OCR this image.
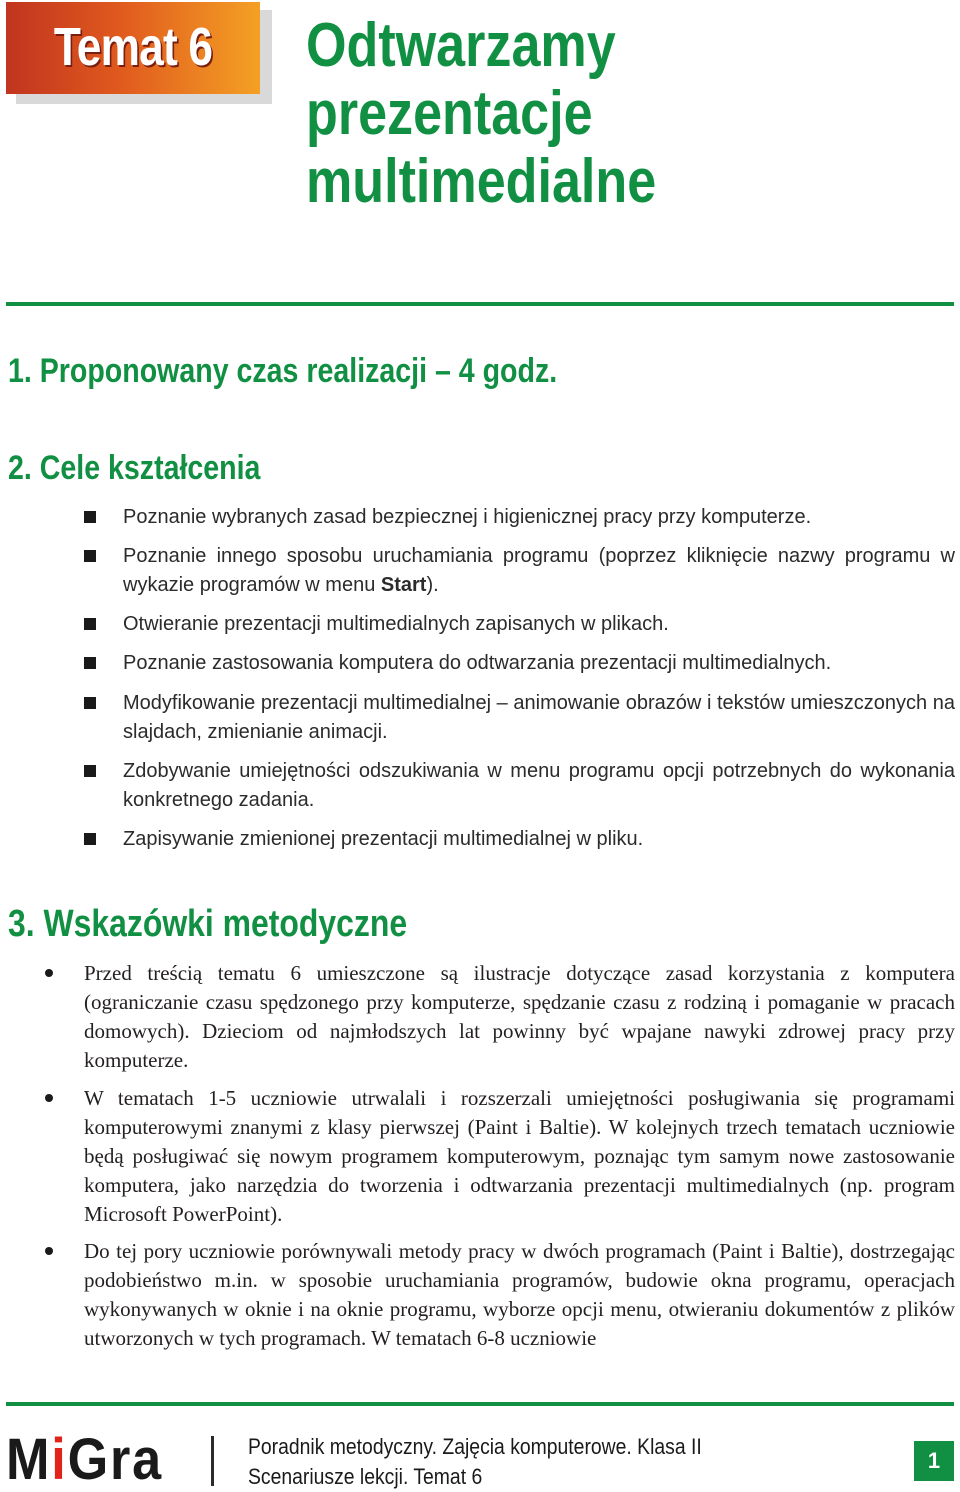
Temat 6	Odtwarzamy prezentacje
multimedialne
1. Proponowany czas realizacji – 4 godz.
2. Cele kształcenia
Poznanie wybranych zasad bezpiecznej i higienicznej pracy przy komputerze.
Poznanie innego sposobu uruchamiania programu (poprzez kliknięcie nazwy programu w wykazie programów w menu Start).
Otwieranie prezentacji multimedialnych zapisanych w plikach.
Poznanie zastosowania komputera do odtwarzania prezentacji multimedialnych.
Modyfikowanie prezentacji multimedialnej – animowanie obrazów i tekstów umieszczonych na slajdach, zmienianie animacji.
Zdobywanie umiejętności odszukiwania w menu programu opcji potrzebnych do wykonania konkretnego zadania.
Zapisywanie zmienionej prezentacji multimedialnej w pliku.
3. Wskazówki metodyczne
Przed treścią tematu 6 umieszczone są ilustracje dotyczące zasad korzystania z komputera (ograniczanie czasu spędzonego przy komputerze, spędzanie czasu z rodziną i pomaganie w pracach domowych). Dzieciom od najmłodszych lat powinny być wpajane nawyki zdrowej pracy przy komputerze.
W tematach 1-5 uczniowie utrwalali i rozszerzali umiejętności posługiwania się programami komputerowymi znanymi z klasy pierwszej (Paint i Baltie). W kolejnych trzech tematach uczniowie będą posługiwać się nowym programem komputerowym, poznając tym samym nowe zastosowanie komputera, jako narzędzia do tworzenia i odtwarzania prezentacji multimedialnych (np. program Microsoft PowerPoint).
Do tej pory uczniowie porównywali metody pracy w dwóch programach (Paint i Baltie), dostrzegając podobieństwo m.in. w sposobie uruchamiania programów, budowie okna programu, operacjach wykonywanych w oknie i na oknie programu, wyborze opcji menu, otwieraniu dokumentów z plików utworzonych w tych programach. W tematach 6-8 uczniowie
MiGra	Poradnik metodyczny. Zajęcia komputerowe. Klasa II
Scenariusze lekcji. Temat 6
1
